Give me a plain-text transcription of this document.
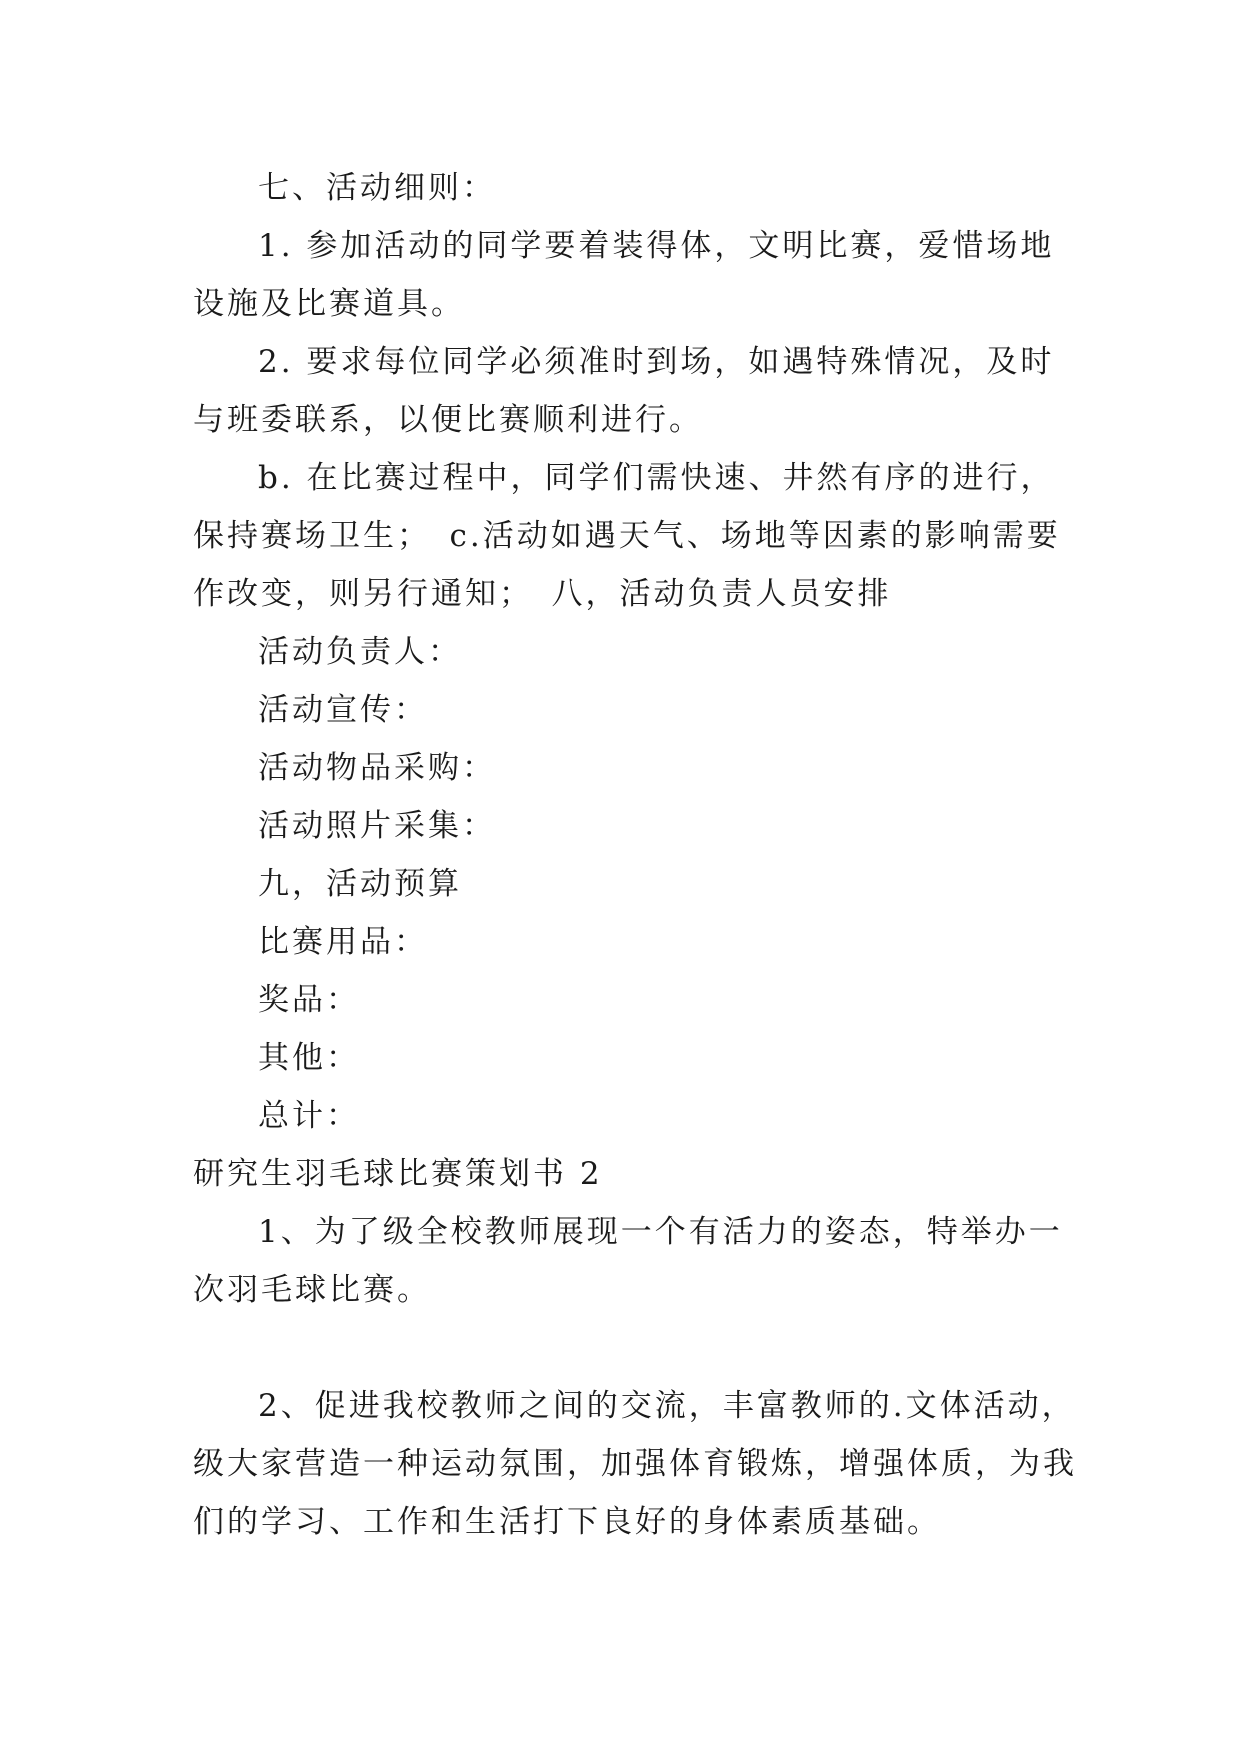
七、活动细则：
1. 参加活动的同学要着装得体，文明比赛，爱惜场地
设施及比赛道具。
2. 要求每位同学必须准时到场，如遇特殊情况，及时
与班委联系，以便比赛顺利进行。
b. 在比赛过程中，同学们需快速、井然有序的进行，
保持赛场卫生；　c.活动如遇天气、场地等因素的影响需要
作改变，则另行通知；　八，活动负责人员安排
活动负责人：
活动宣传：
活动物品采购：
活动照片采集：
九，活动预算
比赛用品：
奖品：
其他：
总计：
研究生羽毛球比赛策划书 2
1、为了级全校教师展现一个有活力的姿态，特举办一
次羽毛球比赛。
2、促进我校教师之间的交流，丰富教师的.文体活动，
级大家营造一种运动氛围，加强体育锻炼，增强体质，为我
们的学习、工作和生活打下良好的身体素质基础。
